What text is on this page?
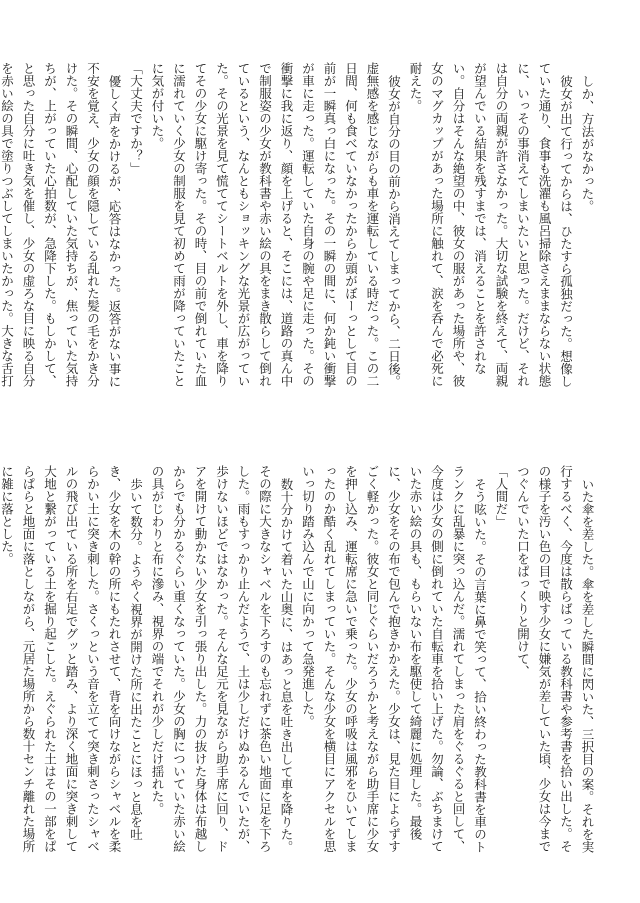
しか、方法がなかった。

彼女が出て行ってからは、ひたすら孤独だった。想像していた通り、食事も洗濯も風呂掃除さえままならない状態に、いっその事消えてしまいたいと思った。だけど、それは自分の両親が許さなかった。大切な試験を終えて、両親が望んでいる結果を残すまでは、消えることを許されない。自分はそんな絶望の中、彼女の服があった場所や、彼女のマグカップがあった場所に触れて、涙を呑んで必死に耐えた。

彼女が自分の目の前から消えてしまってから、二日後。虚無感を感じながらも車を運転している時だった。この二日間、何も食べていなかったからか頭がぼーっとして目の前が一瞬真っ白になった。その一瞬の間に、何か鈍い衝撃が車に走った。運転していた自身の腕や足に走った。その衝撃に我に返り、顔を上げると、そこには、道路の真ん中で制服姿の少女が教科書や赤い絵の具をまき散らして倒れているという、なんともショッキングな光景が広がっていた。その光景を見て慌ててシートベルトを外し、車を降りてその少女に駆け寄った。その時、目の前で倒れていた血に濡れていく少女の制服を見て初めて雨が降っていたことに気が付いた。

「大丈夫ですか？」

優しく声をかけるが、応答はなかった。返答がない事に不安を覚え、少女の顔を隠している乱れた髪の毛をかき分けた。その瞬間、心配していた気持ちが、焦っていた気持ちが、上がっていた心拍数が、急降下した。もしかして、と思った自分に吐き気を催し、少女の虚ろな目に映る自分を赤い絵の具で塗りつぶしてしまいたかった。大きな舌打

いた傘を差した。傘を差した瞬間に閃いた、三択目の案。それを実行するべく、今度は散らばっている教科書や参考書を拾い出した。その様子を汚い色の目で映す少女に嫌気が差していた頃、少女は今までつぐんでいた口をぱっくりと開けて、

「人間だ」

そう呟いた。その言葉に鼻で笑って、拾い終わった教科書を車のトランクに乱暴に突っ込んだ。濡れてしまった肩をぐるぐると回して、今度は少女の側に倒れていた自転車を拾い上げた。勿論、ぶちまけていた赤い絵の具も、もらいない布を駆使して綺麗に処理した。最後に、少女をその布で包んで抱きかかえた。少女は、見た目によらずすごく軽かった。彼女と同じぐらいだろうかと考えながら助手席に少女を押し込み、運転席に急いで乗った。少女の呼吸は風邪をひいてしまったのか酷く乱れてしまっていた。そんな少女を横目にアクセルを思いっ切り踏み込んで山に向かって急発進した。

数十分かけて着いた山奥に、はあっと息を吐き出して車を降りた。その際に大きなシャベルを下ろすのも忘れずに茶色い地面に足を下ろした。雨もすっかり止んだようで、土は少しだけぬかるんでいたが、歩けないほどではなかった。そんな足元を見ながら助手席に回り、ドアを開けて動かない少女を引っ張り出した。力の抜けた身体は布越しからでも分かるぐらい重くなっていた。少女の胸についていた赤い絵の具がじわりと布に滲み、視界の端でそれが少しだけ揺れた。

歩いて数分。ようやく視界が開けた所に出たことにほっと息を吐き、少女を木の幹の所にもたれさせて、背を向けながらシャベルを柔らかい土に突き刺した。さくっという音を立てて突き刺さったシャベルの飛び出ている所を右足でグッと踏み、より深く地面に突き刺して大地と繋がっている土を掘り起こした。えぐられた土はその一部をぱらぱらと地面に落としながら、元居た場所から数十センチ離れた場所に雑に落とした。
